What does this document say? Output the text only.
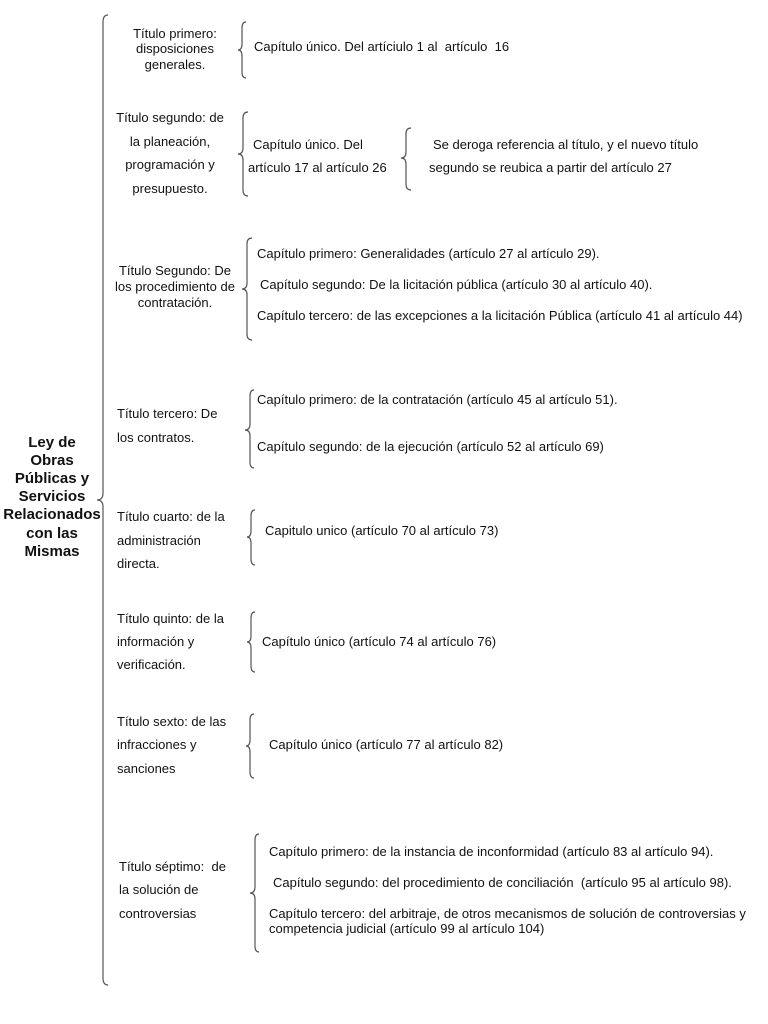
Ley de
Obras
Públicas y
Servicios
Relacionados
con las
Mismas
Título primero:
disposiciones
generales.
Capítulo único. Del artíciulo 1 al  artículo  16
Título segundo: de
la planeación,
programación y
presupuesto.
Capítulo único. Del
artículo 17 al artículo 26
Se deroga referencia al título, y el nuevo título
segundo se reubica a partir del artículo 27
Título Segundo: De
los procedimiento de
contratación.
Capítulo primero: Generalidades (artículo 27 al artículo 29).
Capítulo segundo: De la licitación pública (artículo 30 al artículo 40).
Capítulo tercero: de las excepciones a la licitación Pública (artículo 41 al artículo 44)
Título tercero: De
los contratos.
Capítulo primero: de la contratación (artículo 45 al artículo 51).
Capítulo segundo: de la ejecución (artículo 52 al artículo 69)
Título cuarto: de la
administración
directa.
Capitulo unico (artículo 70 al artículo 73)
Título quinto: de la
información y
verificación.
Capítulo único (artículo 74 al artículo 76)
Título sexto: de las
infracciones y
sanciones
Capítulo único (artículo 77 al artículo 82)
Título séptimo:  de
la solución de
controversias
Capítulo primero: de la instancia de inconformidad (artículo 83 al artículo 94).
Capítulo segundo: del procedimiento de conciliación  (artículo 95 al artículo 98).
Capítulo tercero: del arbitraje, de otros mecanismos de solución de controversias y
competencia judicial (artículo 99 al artículo 104)
